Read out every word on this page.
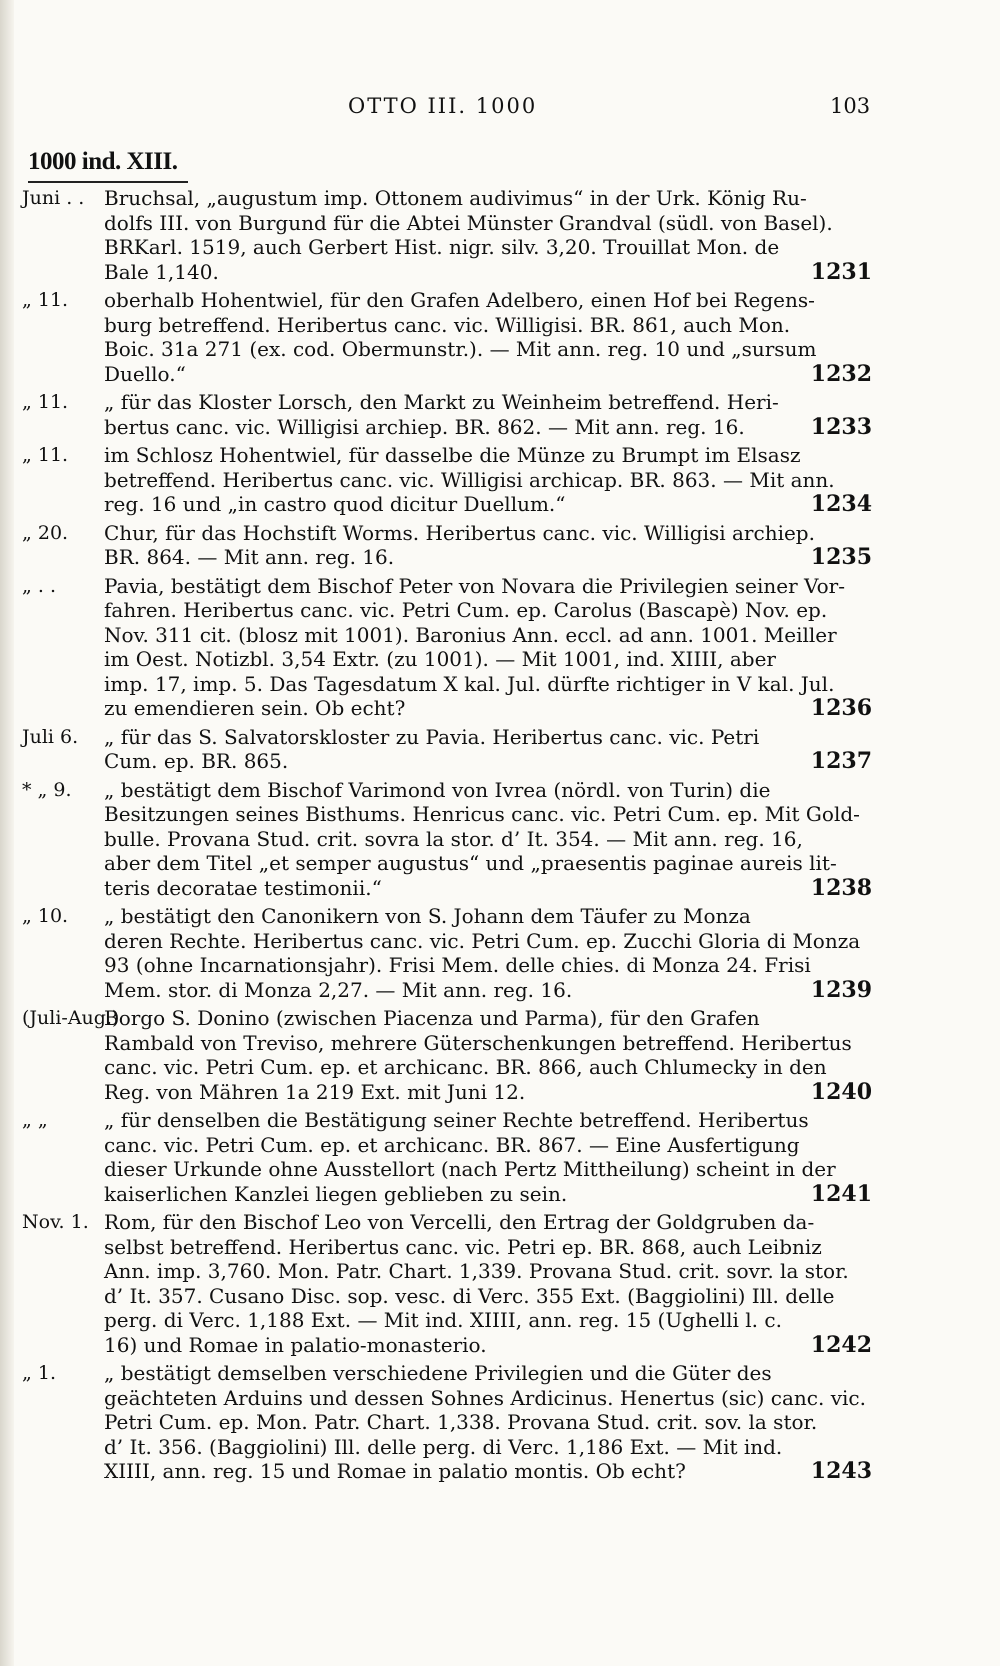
OTTO III. 1000	103
1000 ind. XIII.
Juni . . Bruchsal, „augustum imp. Ottonem audivimus“ in der Urk. König Ru-
dolfs III. von Burgund für die Abtei Münster Grandval (südl. von Basel).
BRKarl. 1519, auch Gerbert Hist. nigr. silv. 3,20. Trouillat Mon. de
Bale 1,140.	1231
„ 11.	oberhalb Hohentwiel, für den Grafen Adelbero, einen Hof bei Regens-
burg betreffend. Heribertus canc. vic. Willigisi. BR. 861, auch Mon.
Boic. 31a 271 (ex. cod. Obermunstr.). — Mit ann. reg. 10 und „sursum
Duello.“	1232
„ 11.	„ für das Kloster Lorsch, den Markt zu Weinheim betreffend. Heri-
bertus canc. vic. Willigisi archiep. BR. 862. — Mit ann. reg. 16.	1233
„ 11.	im Schlosz Hohentwiel, für dasselbe die Münze zu Brumpt im Elsasz
betreffend. Heribertus canc. vic. Willigisi archicap. BR. 863. — Mit ann.
reg. 16 und „in castro quod dicitur Duellum.“	1234
„ 20.	Chur, für das Hochstift Worms. Heribertus canc. vic. Willigisi archiep.
BR. 864. — Mit ann. reg. 16.	1235
„ . .	Pavia, bestätigt dem Bischof Peter von Novara die Privilegien seiner Vor-
fahren. Heribertus canc. vic. Petri Cum. ep. Carolus (Bascapè) Nov. ep.
Nov. 311 cit. (blosz mit 1001). Baronius Ann. eccl. ad ann. 1001. Meiller
im Oest. Notizbl. 3,54 Extr. (zu 1001). — Mit 1001, ind. XIIII, aber
imp. 17, imp. 5. Das Tagesdatum X kal. Jul. dürfte richtiger in V kal. Jul.
zu emendieren sein. Ob echt?	1236
Juli 6.	„ für das S. Salvatorskloster zu Pavia. Heribertus canc. vic. Petri
Cum. ep. BR. 865.	1237
* „ 9.	„ bestätigt dem Bischof Varimond von Ivrea (nördl. von Turin) die
Besitzungen seines Bisthums. Henricus canc. vic. Petri Cum. ep. Mit Gold-
bulle. Provana Stud. crit. sovra la stor. d’ It. 354. — Mit ann. reg. 16,
aber dem Titel „et semper augustus“ und „praesentis paginae aureis lit-
teris decoratae testimonii.“	1238
„ 10.	„ bestätigt den Canonikern von S. Johann dem Täufer zu Monza
deren Rechte. Heribertus canc. vic. Petri Cum. ep. Zucchi Gloria di Monza
93 (ohne Incarnationsjahr). Frisi Mem. delle chies. di Monza 24. Frisi
Mem. stor. di Monza 2,27. — Mit ann. reg. 16.	1239
(Juli-Aug.)
Borgo S. Donino (zwischen Piacenza und Parma), für den Grafen
Rambald von Treviso, mehrere Güterschenkungen betreffend. Heribertus
canc. vic. Petri Cum. ep. et archicanc. BR. 866, auch Chlumecky in den
Reg. von Mähren 1a 219 Ext. mit Juni 12.	1240
„ „	„ für denselben die Bestätigung seiner Rechte betreffend. Heribertus
canc. vic. Petri Cum. ep. et archicanc. BR. 867. — Eine Ausfertigung
dieser Urkunde ohne Ausstellort (nach Pertz Mittheilung) scheint in der
kaiserlichen Kanzlei liegen geblieben zu sein.	1241
Nov. 1. Rom, für den Bischof Leo von Vercelli, den Ertrag der Goldgruben da-
selbst betreffend. Heribertus canc. vic. Petri ep. BR. 868, auch Leibniz
Ann. imp. 3,760. Mon. Patr. Chart. 1,339. Provana Stud. crit. sovr. la stor.
d’ It. 357. Cusano Disc. sop. vesc. di Verc. 355 Ext. (Baggiolini) Ill. delle
perg. di Verc. 1,188 Ext. — Mit ind. XIIII, ann. reg. 15 (Ughelli l. c.
16) und Romae in palatio-monasterio.	1242
„ 1.	„ bestätigt demselben verschiedene Privilegien und die Güter des
geächteten Arduins und dessen Sohnes Ardicinus. Henertus (sic) canc. vic.
Petri Cum. ep. Mon. Patr. Chart. 1,338. Provana Stud. crit. sov. la stor.
d’ It. 356. (Baggiolini) Ill. delle perg. di Verc. 1,186 Ext. — Mit ind.
XIIII, ann. reg. 15 und Romae in palatio montis. Ob echt?	1243
